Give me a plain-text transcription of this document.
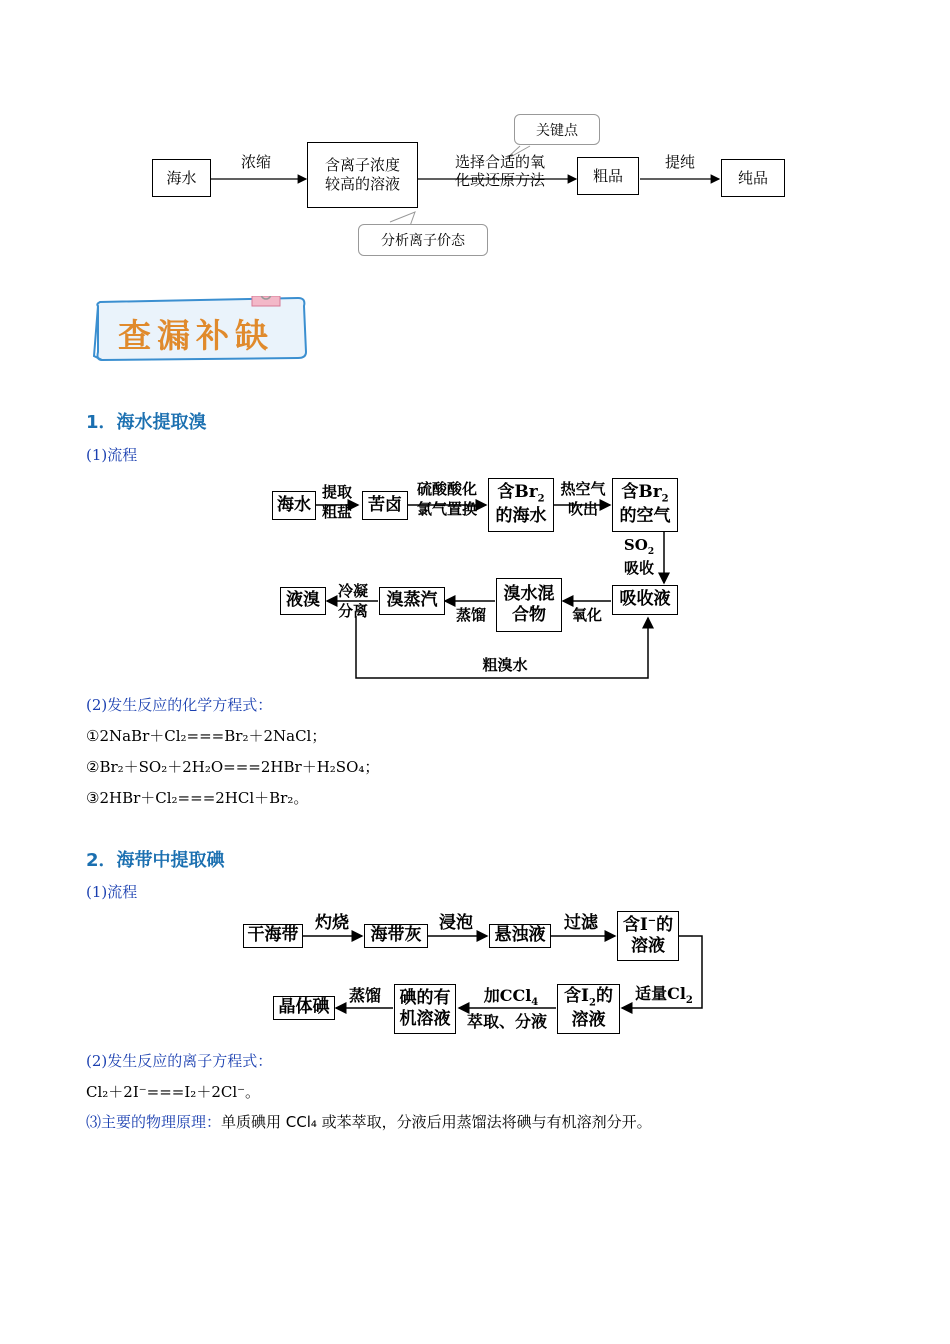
海水
浓缩	含离子浓度
较高的溶液
选择合适的氧
化或还原方法	粗品
提纯
纯品
关键点
分析离子价态
查漏补缺
1．海水提取溴
(1)流程
海水
提取
粗盐 苦卤
硫酸酸化
氯气置换
含$Br_2$
的海水
热空气
吹出
含$Br_2$
的空气
$SO_2$
吸收
吸收液
氧化
溴水混
合物
蒸馏
溴蒸汽
冷凝
分离
液溴
粗溴水
(2)发生反应的化学方程式：
①2NaBr＋Cl₂===Br₂＋2NaCl；
②Br₂＋SO₂＋2H₂O===2HBr＋H₂SO₄；
③2HBr＋Cl₂===2HCl＋Br₂。
2．海带中提取碘
(1)流程
干海带
灼烧
海带灰
浸泡
悬浊液
过滤	含I−的
溶液
适量$Cl_2$
含$I_2$的
溶液
加CCl$_4$
萃取、分液
碘的有
机溶液
蒸馏
晶体碘
(2)发生反应的离子方程式：
Cl₂＋2I⁻===I₂＋2Cl⁻。
⑶主要的物理原理：单质碘用 CCl₄ 或苯萃取，分液后用蒸馏法将碘与有机溶剂分开。
